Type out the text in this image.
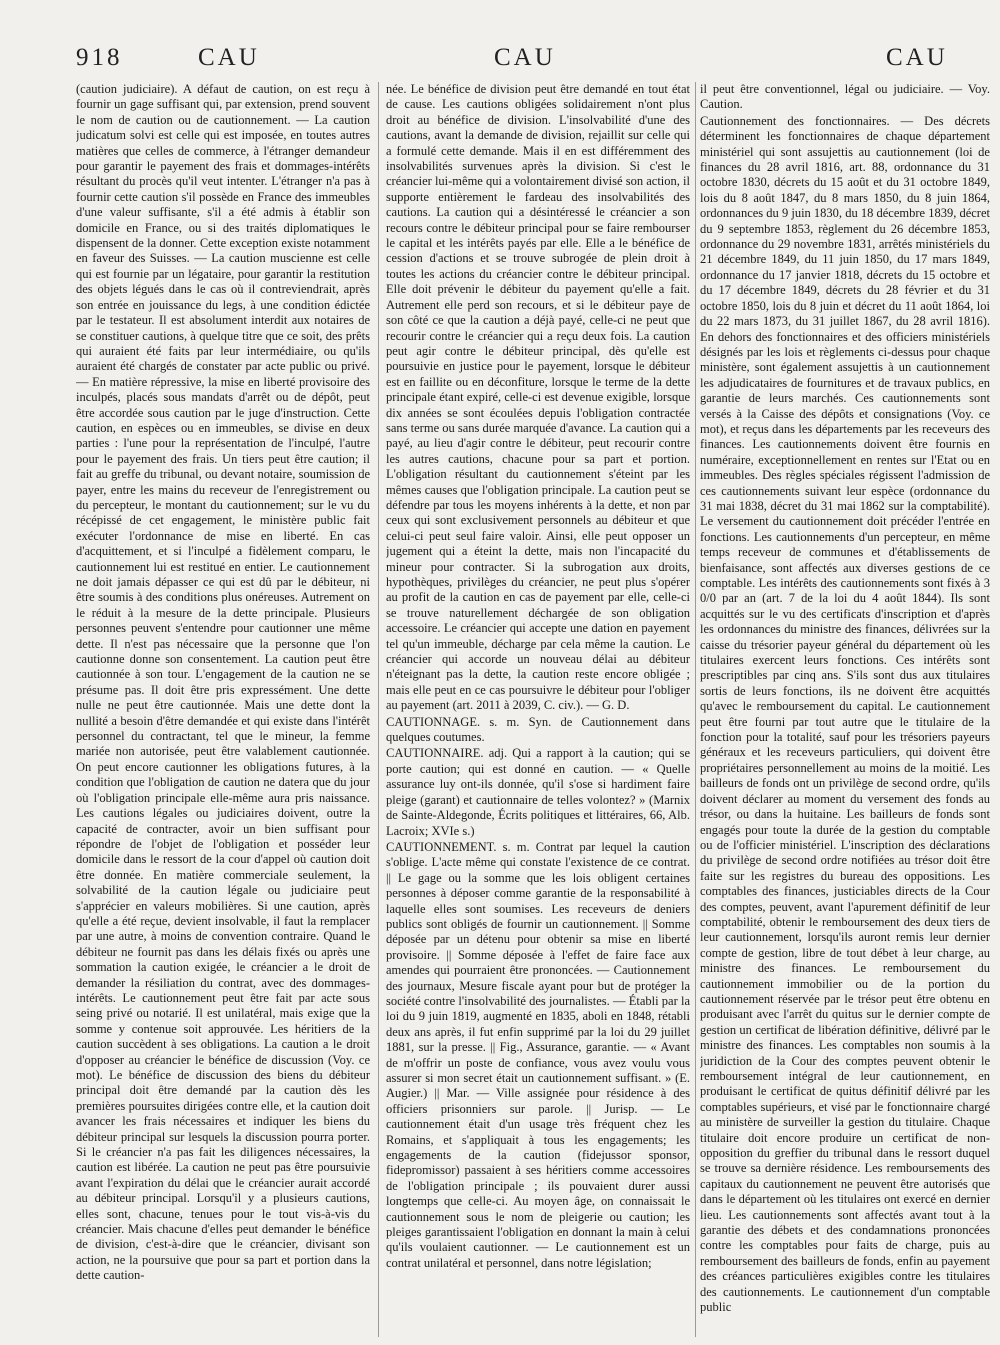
918	CAU	CAU	CAU

(caution judiciaire). A défaut de caution, on est reçu à fournir un gage suffisant qui, par extension, prend souvent le nom de caution ou de cautionnement. — La caution judicatum solvi est celle qui est imposée, en toutes autres matières que celles de commerce, à l'étranger demandeur pour garantir le payement des frais et dommages-intérêts résultant du procès qu'il veut intenter. L'étranger n'a pas à fournir cette caution s'il possède en France des immeubles d'une valeur suffisante, s'il a été admis à établir son domicile en France, ou si des traités diplomatiques le dispensent de la donner. Cette exception existe notamment en faveur des Suisses. — La caution muscienne est celle qui est fournie par un légataire, pour garantir la restitution des objets légués dans le cas où il contreviendrait, après son entrée en jouissance du legs, à une condition édictée par le testateur. Il est absolument interdit aux notaires de se constituer cautions, à quelque titre que ce soit, des prêts qui auraient été faits par leur intermédiaire, ou qu'ils auraient été chargés de constater par acte public ou privé. — En matière répressive, la mise en liberté provisoire des inculpés, placés sous mandats d'arrêt ou de dépôt, peut être accordée sous caution par le juge d'instruction. Cette caution, en espèces ou en immeubles, se divise en deux parties : l'une pour la représentation de l'inculpé, l'autre pour le payement des frais. Un tiers peut être caution; il fait au greffe du tribunal, ou devant notaire, soumission de payer, entre les mains du receveur de l'enregistrement ou du percepteur, le montant du cautionnement; sur le vu du récépissé de cet engagement, le ministère public fait exécuter l'ordonnance de mise en liberté. En cas d'acquittement, et si l'inculpé a fidèlement comparu, le cautionnement lui est restitué en entier. Le cautionnement ne doit jamais dépasser ce qui est dû par le débiteur, ni être soumis à des conditions plus onéreuses. Autrement on le réduit à la mesure de la dette principale. Plusieurs personnes peuvent s'entendre pour cautionner une même dette. Il n'est pas nécessaire que la personne que l'on cautionne donne son consentement. La caution peut être cautionnée à son tour. L'engagement de la caution ne se présume pas. Il doit être pris expressément. Une dette nulle ne peut être cautionnée. Mais une dette dont la nullité a besoin d'être demandée et qui existe dans l'intérêt personnel du contractant, tel que le mineur, la femme mariée non autorisée, peut être valablement cautionnée. On peut encore cautionner les obligations futures, à la condition que l'obligation de caution ne datera que du jour où l'obligation principale elle-même aura pris naissance. Les cautions légales ou judiciaires doivent, outre la capacité de contracter, avoir un bien suffisant pour répondre de l'objet de l'obligation et posséder leur domicile dans le ressort de la cour d'appel où caution doit être donnée. En matière commerciale seulement, la solvabilité de la caution légale ou judiciaire peut s'apprécier en valeurs mobilières. Si une caution, après qu'elle a été reçue, devient insolvable, il faut la remplacer par une autre, à moins de convention contraire. Quand le débiteur ne fournit pas dans les délais fixés ou après une sommation la caution exigée, le créancier a le droit de demander la résiliation du contrat, avec des dommages-intérêts. Le cautionnement peut être fait par acte sous seing privé ou notarié. Il est unilatéral, mais exige que la somme y contenue soit approuvée. Les héritiers de la caution succèdent à ses obligations. La caution a le droit d'opposer au créancier le bénéfice de discussion (Voy. ce mot). Le bénéfice de discussion des biens du débiteur principal doit être demandé par la caution dès les premières poursuites dirigées contre elle, et la caution doit avancer les frais nécessaires et indiquer les biens du débiteur principal sur lesquels la discussion pourra porter. Si le créancier n'a pas fait les diligences nécessaires, la caution est libérée. La caution ne peut pas être poursuivie avant l'expiration du délai que le créancier aurait accordé au débiteur principal. Lorsqu'il y a plusieurs cautions, elles sont, chacune, tenues pour le tout vis-à-vis du créancier. Mais chacune d'elles peut demander le bénéfice de division, c'est-à-dire que le créancier, divisant son action, ne la poursuive que pour sa part et portion dans la dette caution-

née. Le bénéfice de division peut être demandé en tout état de cause. Les cautions obligées solidairement n'ont plus droit au bénéfice de division. L'insolvabilité d'une des cautions, avant la demande de division, rejaillit sur celle qui a formulé cette demande. Mais il en est différemment des insolvabilités survenues après la division. Si c'est le créancier lui-même qui a volontairement divisé son action, il supporte entièrement le fardeau des insolvabilités des cautions. La caution qui a désintéressé le créancier a son recours contre le débiteur principal pour se faire rembourser le capital et les intérêts payés par elle. Elle a le bénéfice de cession d'actions et se trouve subrogée de plein droit à toutes les actions du créancier contre le débiteur principal. Elle doit prévenir le débiteur du payement qu'elle a fait. Autrement elle perd son recours, et si le débiteur paye de son côté ce que la caution a déjà payé, celle-ci ne peut que recourir contre le créancier qui a reçu deux fois. La caution peut agir contre le débiteur principal, dès qu'elle est poursuivie en justice pour le payement, lorsque le débiteur est en faillite ou en déconfiture, lorsque le terme de la dette principale étant expiré, celle-ci est devenue exigible, lorsque dix années se sont écoulées depuis l'obligation contractée sans terme ou sans durée marquée d'avance. La caution qui a payé, au lieu d'agir contre le débiteur, peut recourir contre les autres cautions, chacune pour sa part et portion. L'obligation résultant du cautionnement s'éteint par les mêmes causes que l'obligation principale. La caution peut se défendre par tous les moyens inhérents à la dette, et non par ceux qui sont exclusivement personnels au débiteur et que celui-ci peut seul faire valoir. Ainsi, elle peut opposer un jugement qui a éteint la dette, mais non l'incapacité du mineur pour contracter. Si la subrogation aux droits, hypothèques, privilèges du créancier, ne peut plus s'opérer au profit de la caution en cas de payement par elle, celle-ci se trouve naturellement déchargée de son obligation accessoire. Le créancier qui accepte une dation en payement tel qu'un immeuble, décharge par cela même la caution. Le créancier qui accorde un nouveau délai au débiteur n'éteignant pas la dette, la caution reste encore obligée ; mais elle peut en ce cas poursuivre le débiteur pour l'obliger au payement (art. 2011 à 2039, C. civ.). — G. D.

CAUTIONNAGE. s. m. Syn. de Cautionnement dans quelques coutumes.

CAUTIONNAIRE. adj. Qui a rapport à la caution; qui se porte caution; qui est donné en caution. — « Quelle assurance luy ont-ils donnée, qu'il s'ose si hardiment faire pleige (garant) et cautionnaire de telles volontez? » (Marnix de Sainte-Aldegonde, Écrits politiques et littéraires, 66, Alb. Lacroix; XVIe s.)

CAUTIONNEMENT. s. m. Contrat par lequel la caution s'oblige. L'acte même qui constate l'existence de ce contrat. || Le gage ou la somme que les lois obligent certaines personnes à déposer comme garantie de la responsabilité à laquelle elles sont soumises. Les receveurs de deniers publics sont obligés de fournir un cautionnement. || Somme déposée par un détenu pour obtenir sa mise en liberté provisoire. || Somme déposée à l'effet de faire face aux amendes qui pourraient être prononcées. — Cautionnement des journaux, Mesure fiscale ayant pour but de protéger la société contre l'insolvabilité des journalistes. — Établi par la loi du 9 juin 1819, augmenté en 1835, aboli en 1848, rétabli deux ans après, il fut enfin supprimé par la loi du 29 juillet 1881, sur la presse. || Fig., Assurance, garantie. — « Avant de m'offrir un poste de confiance, vous avez voulu vous assurer si mon secret était un cautionnement suffisant. » (E. Augier.) || Mar. — Ville assignée pour résidence à des officiers prisonniers sur parole. || Jurisp. — Le cautionnement était d'un usage très fréquent chez les Romains, et s'appliquait à tous les engagements; les engagements de la caution (fidejussor sponsor, fidepromissor) passaient à ses héritiers comme accessoires de l'obligation principale ; ils pouvaient durer aussi longtemps que celle-ci. Au moyen âge, on connaissait le cautionnement sous le nom de pleigerie ou caution; les pleiges garantissaient l'obligation en donnant la main à celui qu'ils voulaient cautionner. — Le cautionnement est un contrat unilatéral et personnel, dans notre législation;

il peut être conventionnel, légal ou judiciaire. — Voy. Caution.

Cautionnement des fonctionnaires. — Des décrets déterminent les fonctionnaires de chaque département ministériel qui sont assujettis au cautionnement (loi de finances du 28 avril 1816, art. 88, ordonnance du 31 octobre 1830, décrets du 15 août et du 31 octobre 1849, lois du 8 août 1847, du 8 mars 1850, du 8 juin 1864, ordonnances du 9 juin 1830, du 18 décembre 1839, décret du 9 septembre 1853, règlement du 26 décembre 1853, ordonnance du 29 novembre 1831, arrêtés ministériels du 21 décembre 1849, du 11 juin 1850, du 17 mars 1849, ordonnance du 17 janvier 1818, décrets du 15 octobre et du 17 décembre 1849, décrets du 28 février et du 31 octobre 1850, lois du 8 juin et décret du 11 août 1864, loi du 22 mars 1873, du 31 juillet 1867, du 28 avril 1816). En dehors des fonctionnaires et des officiers ministériels désignés par les lois et règlements ci-dessus pour chaque ministère, sont également assujettis à un cautionnement les adjudicataires de fournitures et de travaux publics, en garantie de leurs marchés. Ces cautionnements sont versés à la Caisse des dépôts et consignations (Voy. ce mot), et reçus dans les départements par les receveurs des finances. Les cautionnements doivent être fournis en numéraire, exceptionnellement en rentes sur l'Etat ou en immeubles. Des règles spéciales régissent l'admission de ces cautionnements suivant leur espèce (ordonnance du 31 mai 1838, décret du 31 mai 1862 sur la comptabilité). Le versement du cautionnement doit précéder l'entrée en fonctions. Les cautionnements d'un percepteur, en même temps receveur de communes et d'établissements de bienfaisance, sont affectés aux diverses gestions de ce comptable. Les intérêts des cautionnements sont fixés à 3 0/0 par an (art. 7 de la loi du 4 août 1844). Ils sont acquittés sur le vu des certificats d'inscription et d'après les ordonnances du ministre des finances, délivrées sur la caisse du trésorier payeur général du département où les titulaires exercent leurs fonctions. Ces intérêts sont prescriptibles par cinq ans. S'ils sont dus aux titulaires sortis de leurs fonctions, ils ne doivent être acquittés qu'avec le remboursement du capital. Le cautionnement peut être fourni par tout autre que le titulaire de la fonction pour la totalité, sauf pour les trésoriers payeurs généraux et les receveurs particuliers, qui doivent être propriétaires personnellement au moins de la moitié. Les bailleurs de fonds ont un privilège de second ordre, qu'ils doivent déclarer au moment du versement des fonds au trésor, ou dans la huitaine. Les bailleurs de fonds sont engagés pour toute la durée de la gestion du comptable ou de l'officier ministériel. L'inscription des déclarations du privilège de second ordre notifiées au trésor doit être faite sur les registres du bureau des oppositions. Les comptables des finances, justiciables directs de la Cour des comptes, peuvent, avant l'apurement définitif de leur comptabilité, obtenir le remboursement des deux tiers de leur cautionnement, lorsqu'ils auront remis leur dernier compte de gestion, libre de tout débet à leur charge, au ministre des finances. Le remboursement du cautionnement immobilier ou de la portion du cautionnement réservée par le trésor peut être obtenu en produisant avec l'arrêt du quitus sur le dernier compte de gestion un certificat de libération définitive, délivré par le ministre des finances. Les comptables non soumis à la juridiction de la Cour des comptes peuvent obtenir le remboursement intégral de leur cautionnement, en produisant le certificat de quitus définitif délivré par les comptables supérieurs, et visé par le fonctionnaire chargé au ministère de surveiller la gestion du titulaire. Chaque titulaire doit encore produire un certificat de non-opposition du greffier du tribunal dans le ressort duquel se trouve sa dernière résidence. Les remboursements des capitaux du cautionnement ne peuvent être autorisés que dans le département où les titulaires ont exercé en dernier lieu. Les cautionnements sont affectés avant tout à la garantie des débets et des condamnations prononcées contre les comptables pour faits de charge, puis au remboursement des bailleurs de fonds, enfin au payement des créances particulières exigibles contre les titulaires des cautionnements. Le cautionnement d'un comptable public
